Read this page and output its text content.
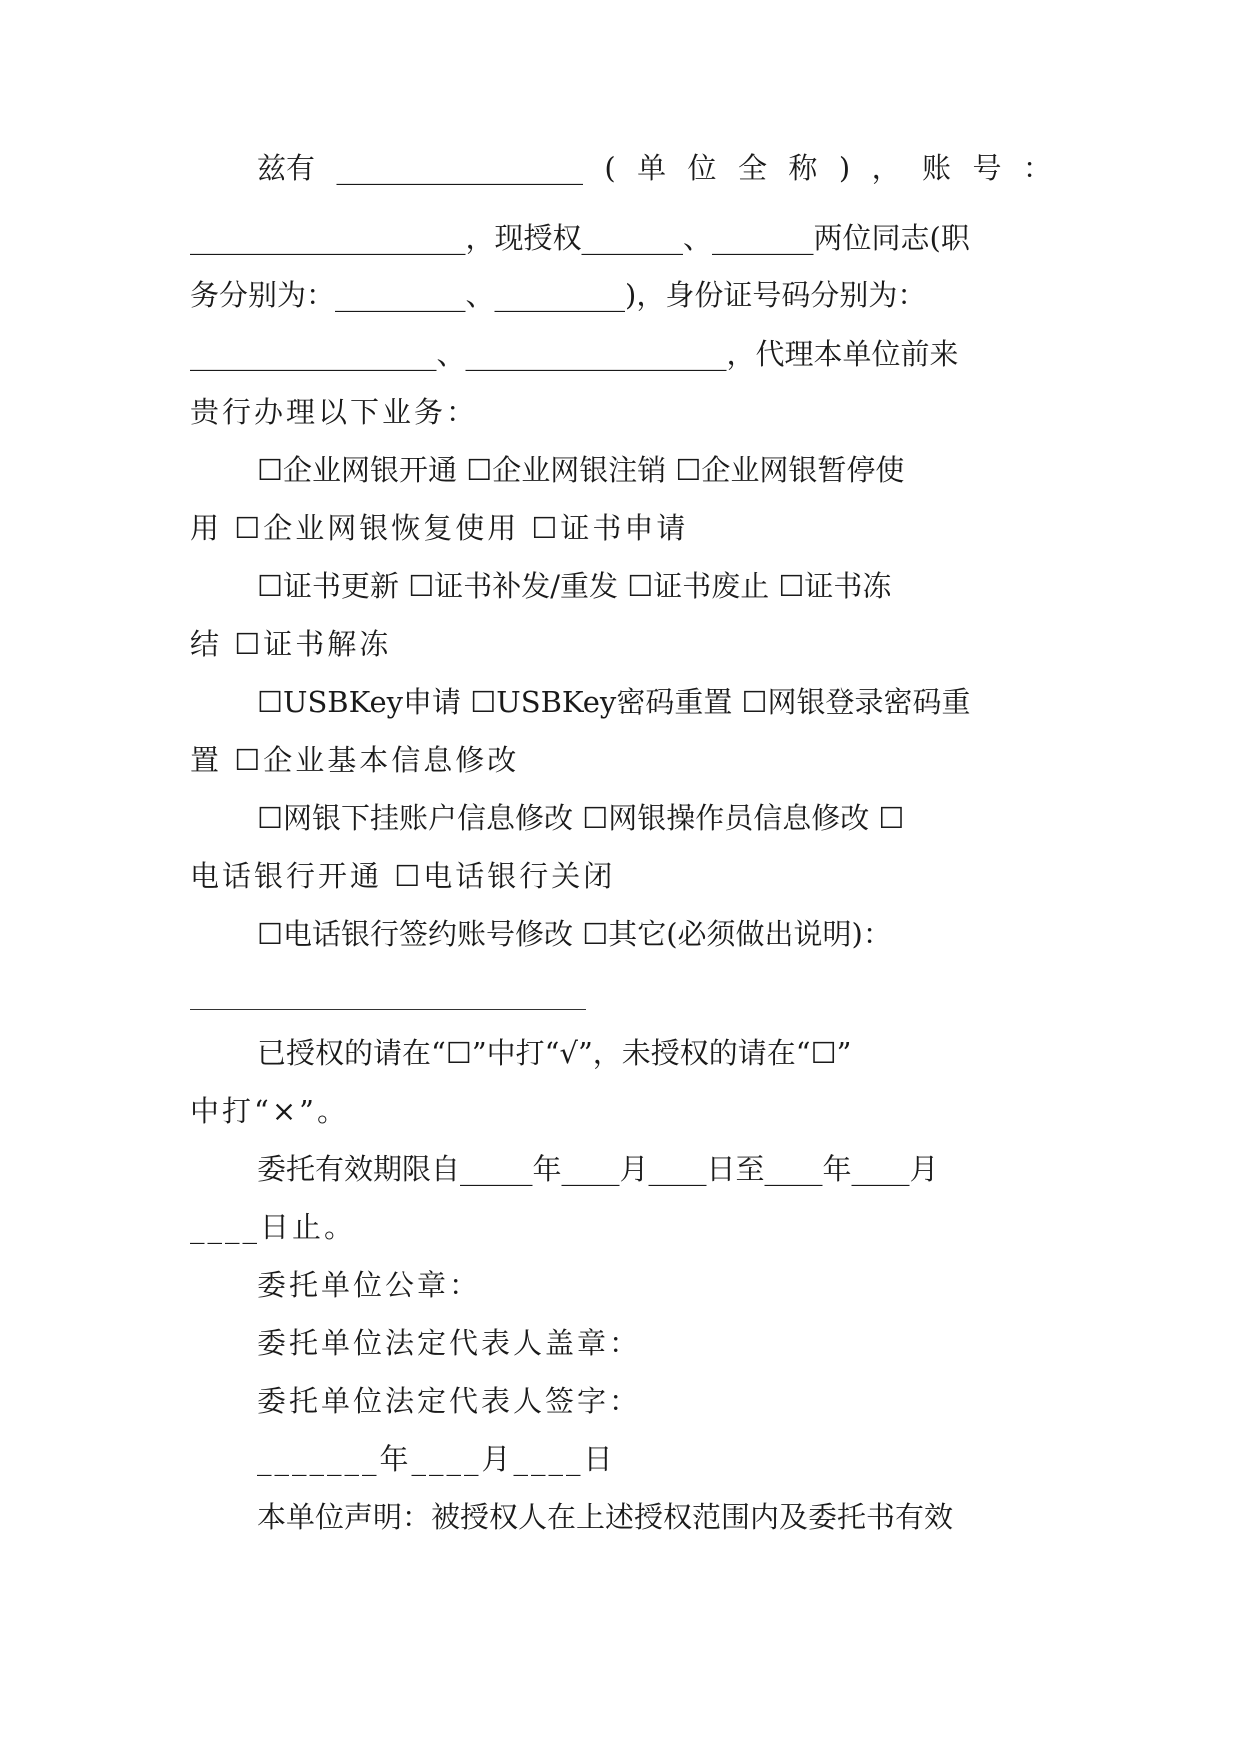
兹有 _________________ ( 单 位 全 称 ) ， 账 号 ：
___________________，现授权_______、_______两位同志(职
务分别为：_________、_________)，身份证号码分别为：
_________________、__________________，代理本单位前来
贵行办理以下业务：
☐企业网银开通 ☐企业网银注销 ☐企业网银暂停使
用 ☐企业网银恢复使用 ☐证书申请
☐证书更新 ☐证书补发/重发 ☐证书废止 ☐证书冻
结 ☐证书解冻
☐USBKey申请 ☐USBKey密码重置 ☐网银登录密码重
置 ☐企业基本信息修改
☐网银下挂账户信息修改 ☐网银操作员信息修改 ☐
电话银行开通 ☐电话银行关闭
☐电话银行签约账号修改 ☐其它(必须做出说明)：
已授权的请在“☐”中打“√”，未授权的请在“☐”
中打“×”。
委托有效期限自_____年____月____日至____年____月
____日止。
委托单位公章：
委托单位法定代表人盖章：
委托单位法定代表人签字：
_______年____月____日
本单位声明：被授权人在上述授权范围内及委托书有效
